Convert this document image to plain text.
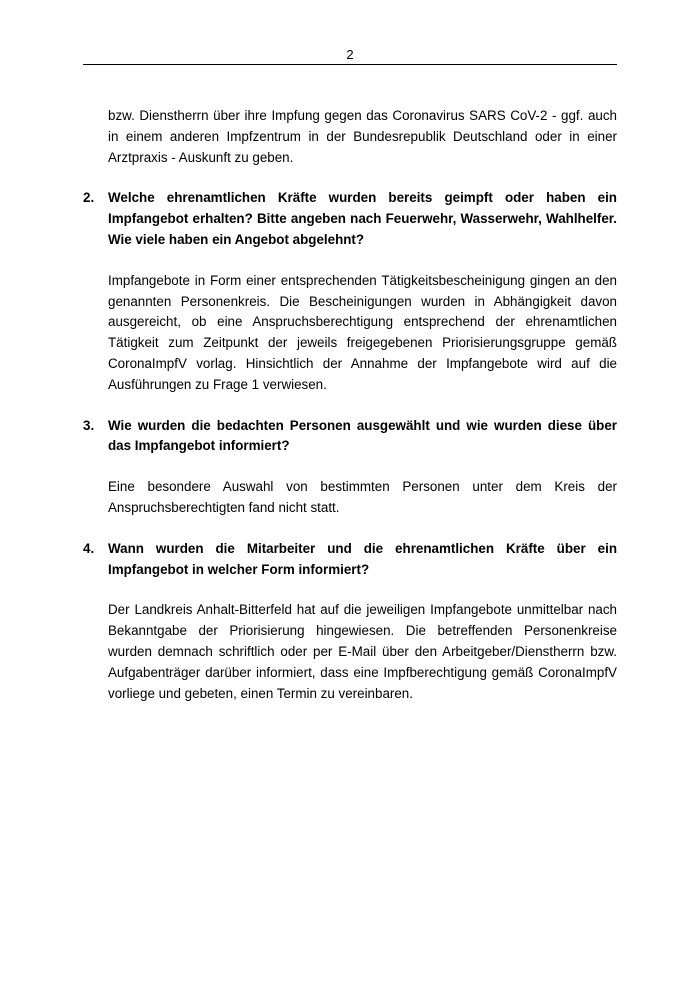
2

bzw. Dienstherrn über ihre Impfung gegen das Coronavirus SARS CoV-2 - ggf. auch in einem anderen Impfzentrum in der Bundesrepublik Deutschland oder in einer Arztpraxis - Auskunft zu geben.

2.	Welche ehrenamtlichen Kräfte wurden bereits geimpft oder haben ein Impfangebot erhalten? Bitte angeben nach Feuerwehr, Wasserwehr, Wahlhelfer. Wie viele haben ein Angebot abgelehnt?

Impfangebote in Form einer entsprechenden Tätigkeitsbescheinigung gingen an den genannten Personenkreis. Die Bescheinigungen wurden in Abhängigkeit davon ausgereicht, ob eine Anspruchsberechtigung entsprechend der ehrenamtlichen Tätigkeit zum Zeitpunkt der jeweils freigegebenen Priorisierungsgruppe gemäß CoronaImpfV vorlag. Hinsichtlich der Annahme der Impfangebote wird auf die Ausführungen zu Frage 1 verwiesen.

3.	Wie wurden die bedachten Personen ausgewählt und wie wurden diese über das Impfangebot informiert?

Eine besondere Auswahl von bestimmten Personen unter dem Kreis der Anspruchsberechtigten fand nicht statt.

4.	Wann wurden die Mitarbeiter und die ehrenamtlichen Kräfte über ein Impfangebot in welcher Form informiert?

Der Landkreis Anhalt-Bitterfeld hat auf die jeweiligen Impfangebote unmittelbar nach Bekanntgabe der Priorisierung hingewiesen. Die betreffenden Personenkreise wurden demnach schriftlich oder per E-Mail über den Arbeitgeber/Dienstherrn bzw. Aufgabenträger darüber informiert, dass eine Impfberechtigung gemäß CoronaImpfV vorliege und gebeten, einen Termin zu vereinbaren.
